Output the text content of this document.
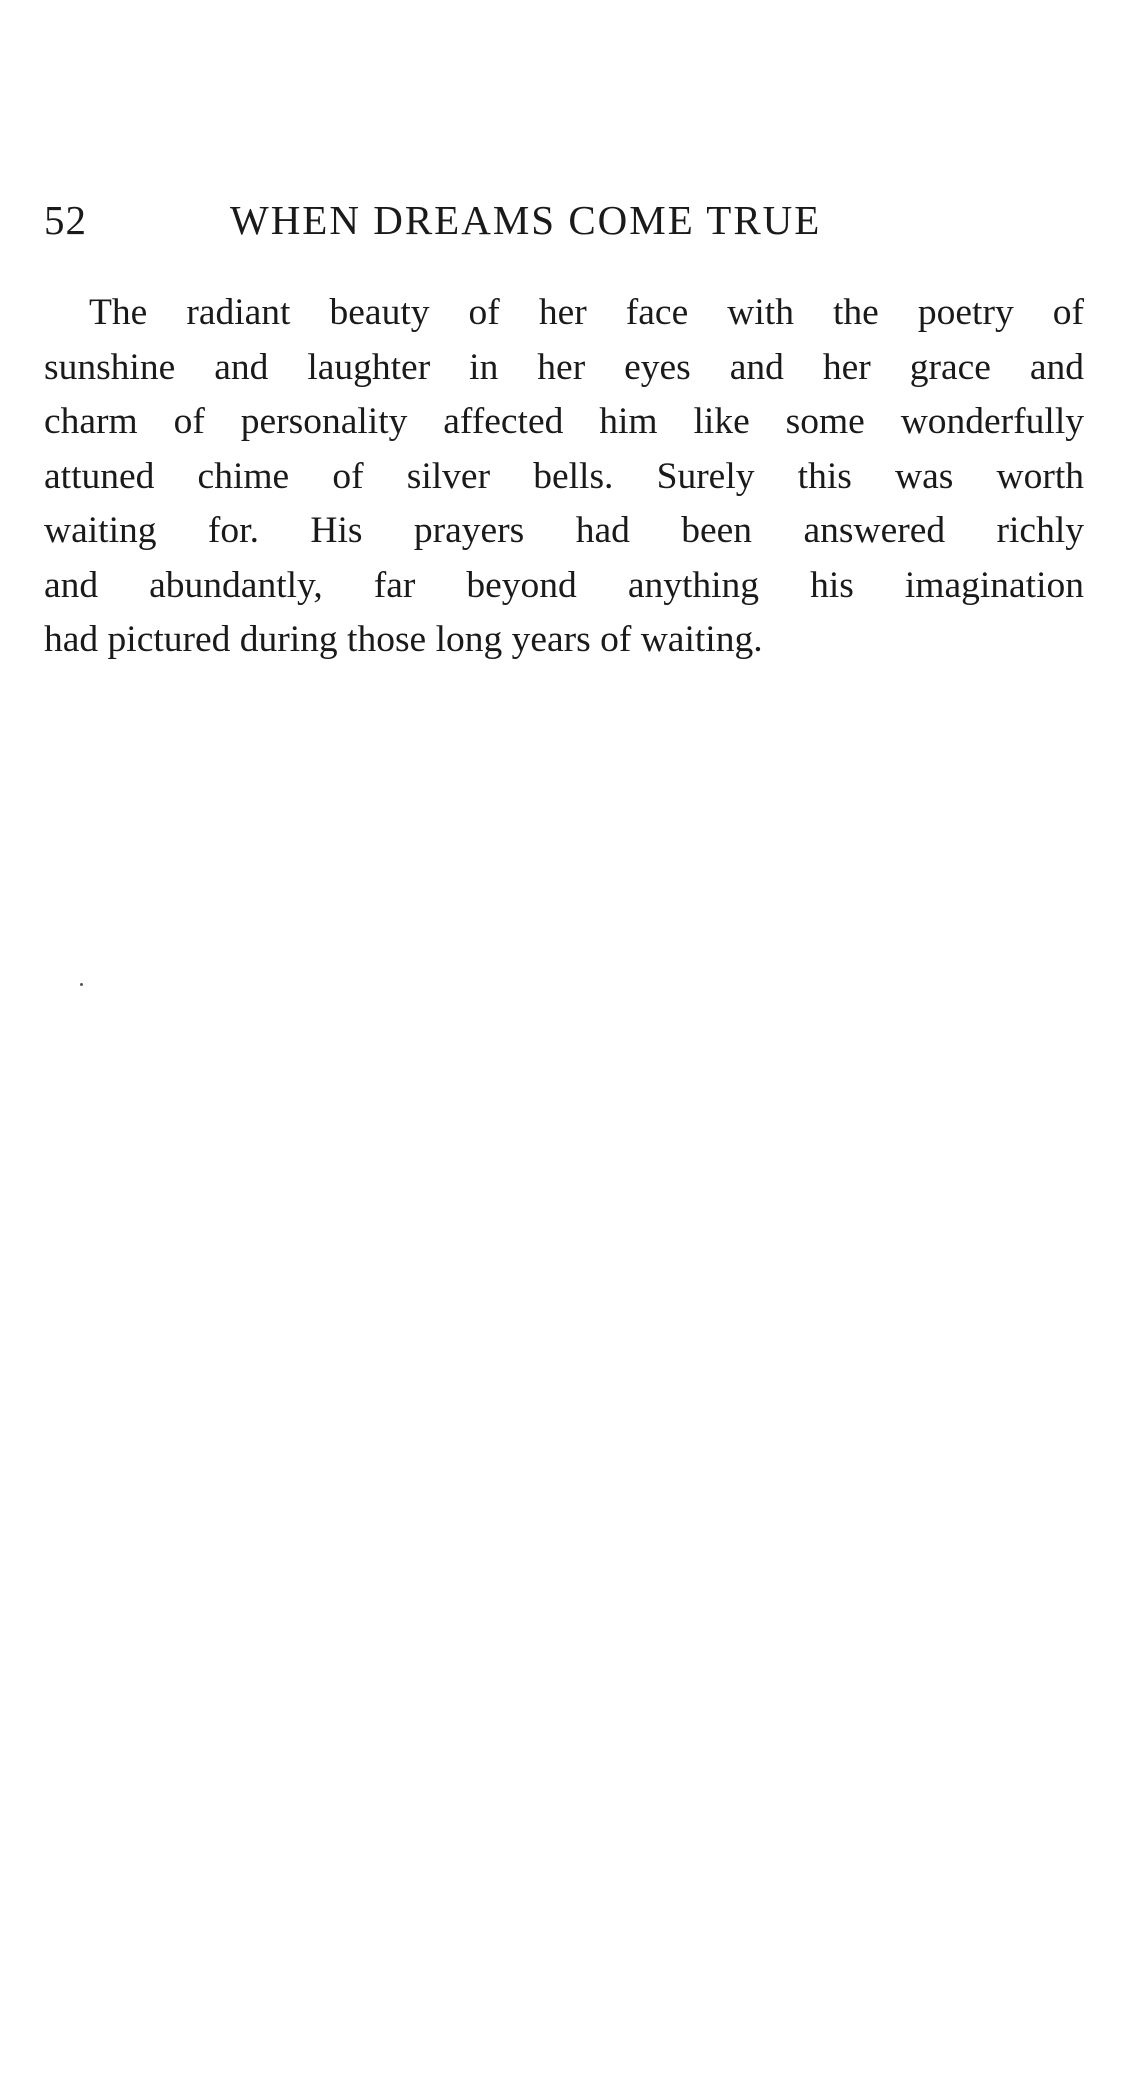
52	WHEN DREAMS COME TRUE

The radiant beauty of her face with the poetry of
sunshine and laughter in her eyes and her grace and
charm of personality affected him like some wonderfully
attuned chime of silver bells. Surely this was worth
waiting for. His prayers had been answered richly
and abundantly, far beyond anything his imagination
had pictured during those long years of waiting.
